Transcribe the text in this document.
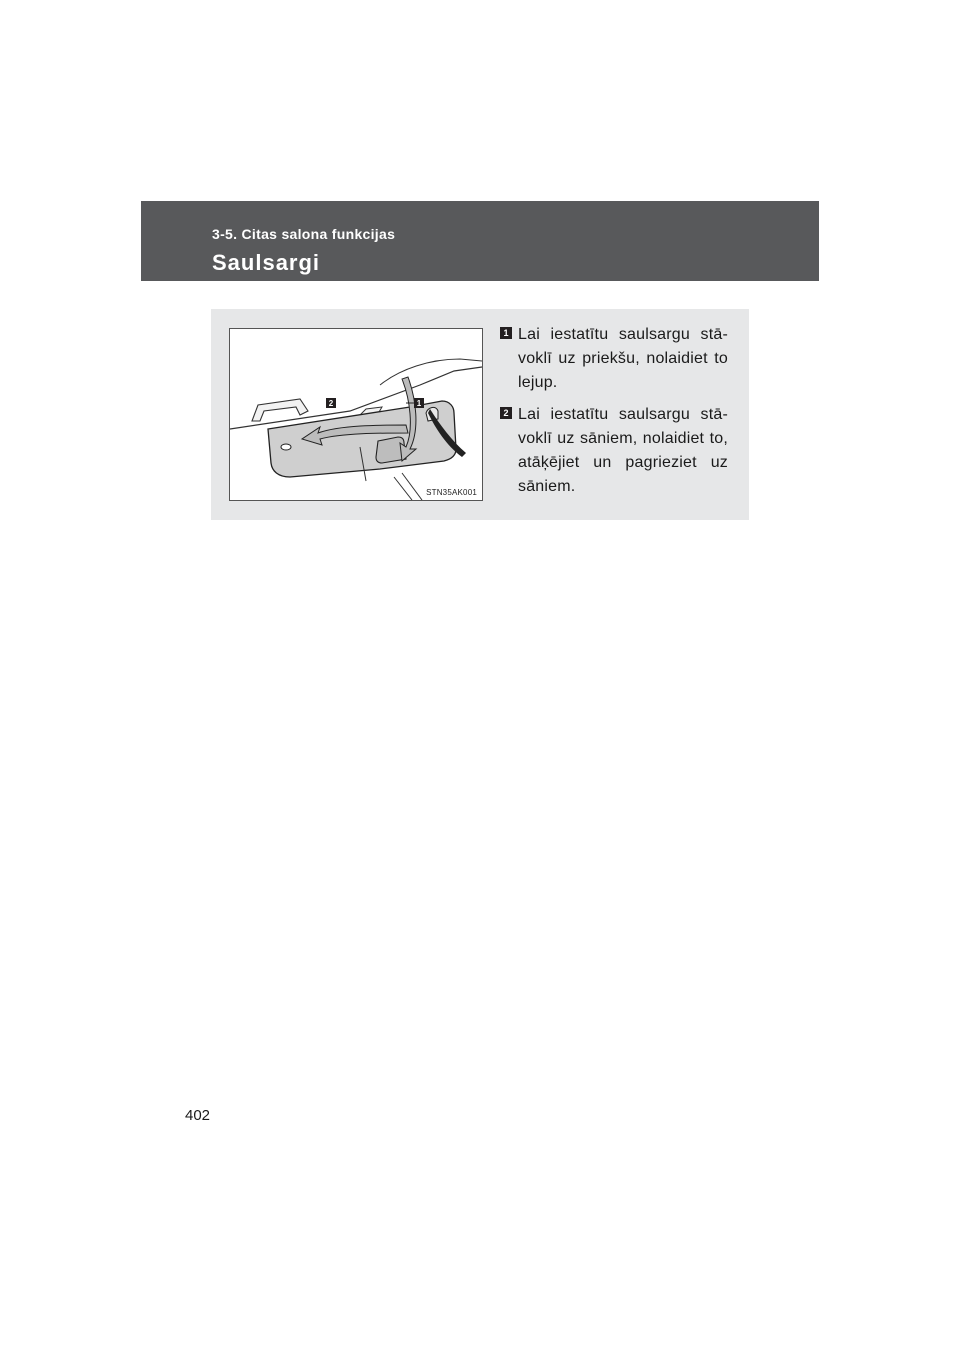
3-5. Citas salona funkcijas
Saulsargi
2	1
STN35AK001
1 Lai iestatītu saulsargu stā-voklī uz priekšu, nolaidiet to lejup.
2 Lai iestatītu saulsargu stā-voklī uz sāniem, nolaidiet to, atāķējiet un pagrieziet uz sāniem.
402
